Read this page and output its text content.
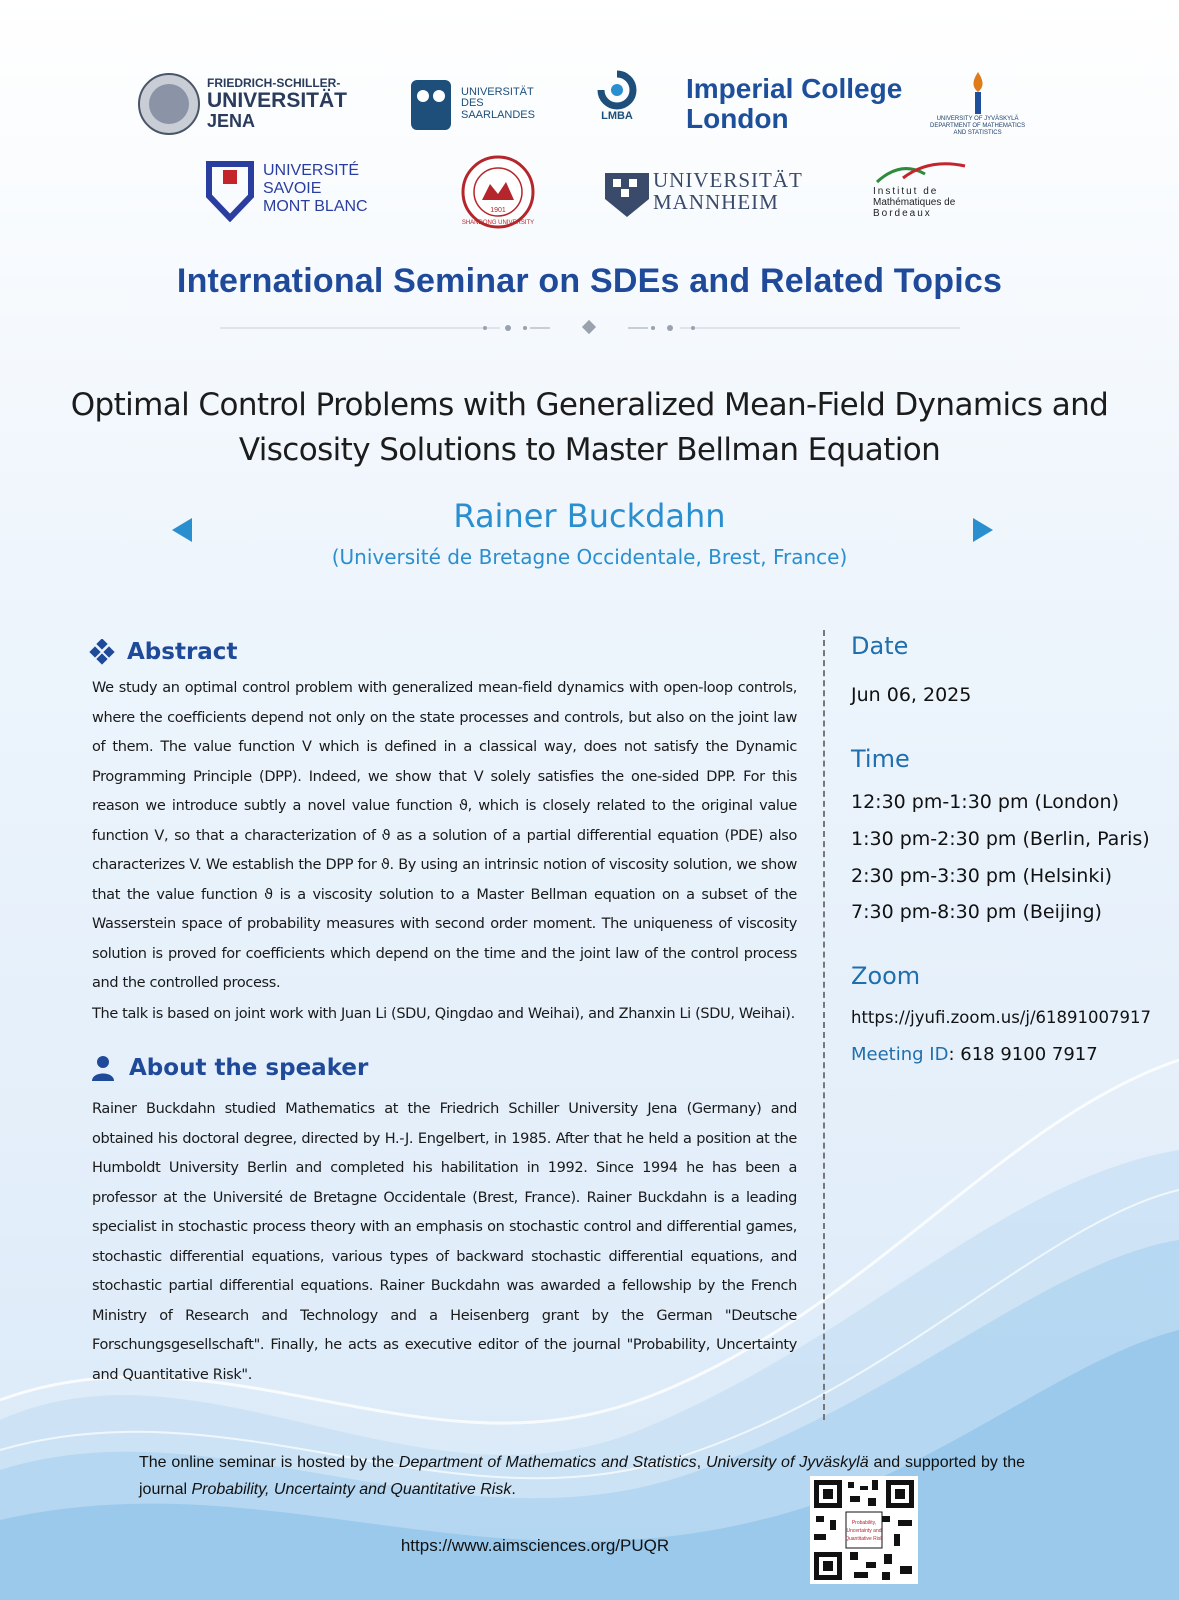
FRIEDRICH-SCHILLER-
UNIVERSITÄT
JENA
UNIVERSITÄT
DES
SAARLANDES	LMBA
Imperial College
London	UNIVERSITY OF JYVÄSKYLÄ
DEPARTMENT OF MATHEMATICS
AND STATISTICS
UNIVERSITÉ
SAVOIE
MONT BLANC	1901
SHANDONG UNIVERSITY
UNIVERSITÄT
MANNHEIM	Institut de
Mathématiques de
Bordeaux
International Seminar on SDEs and Related Topics
Optimal Control Problems with Generalized Mean-Field Dynamics and
Viscosity Solutions to Master Bellman Equation
Rainer Buckdahn
(Université de Bretagne Occidentale, Brest, France)
Abstract
We study an optimal control problem with generalized mean-field dynamics with open-loop controls, where the coefficients depend not only on the state processes and controls, but also on the joint law of them. The value function V which is defined in a classical way, does not satisfy the Dynamic Programming Principle (DPP). Indeed, we show that V solely satisfies the one-sided DPP. For this reason we introduce subtly a novel value function ϑ, which is closely related to the original value function V, so that a characterization of ϑ as a solution of a partial differential equation (PDE) also characterizes V. We establish the DPP for ϑ. By using an intrinsic notion of viscosity solution, we show that the value function ϑ is a viscosity solution to a Master Bellman equation on a subset of the Wasserstein space of probability measures with second order moment. The uniqueness of viscosity solution is proved for coefficients which depend on the time and the joint law of the control process and the controlled process.
The talk is based on joint work with Juan Li (SDU, Qingdao and Weihai), and Zhanxin Li (SDU, Weihai).
About the speaker
Rainer Buckdahn studied Mathematics at the Friedrich Schiller University Jena (Germany) and obtained his doctoral degree, directed by H.-J. Engelbert, in 1985. After that he held a position at the Humboldt University Berlin and completed his habilitation in 1992. Since 1994 he has been a professor at the Université de Bretagne Occidentale (Brest, France). Rainer Buckdahn is a leading specialist in stochastic process theory with an emphasis on stochastic control and differential games, stochastic differential equations, various types of backward stochastic differential equations, and stochastic partial differential equations. Rainer Buckdahn was awarded a fellowship by the French Ministry of Research and Technology and a Heisenberg grant by the German "Deutsche Forschungsgesellschaft". Finally, he acts as executive editor of the journal "Probability, Uncertainty and Quantitative Risk".
Date
Jun 06, 2025
Time
12:30 pm-1:30 pm (London)
1:30 pm-2:30 pm (Berlin, Paris)
2:30 pm-3:30 pm (Helsinki)
7:30 pm-8:30 pm (Beijing)
Zoom
https://jyufi.zoom.us/j/61891007917
Meeting ID: 618 9100 7917
The online seminar is hosted by the Department of Mathematics and Statistics, University of Jyväskylä and supported by the journal Probability, Uncertainty and Quantitative Risk.
https://www.aimsciences.org/PUQR
Probability,
Uncertainty and
Quantitative Risk
